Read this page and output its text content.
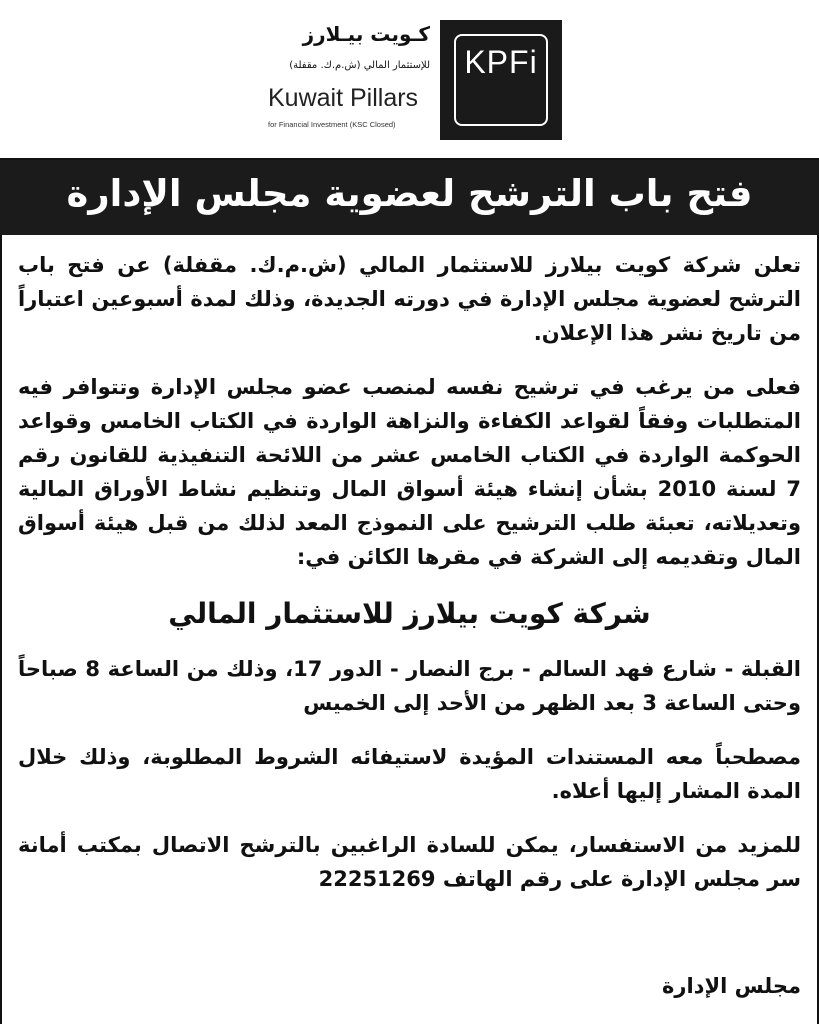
كـويت بيـلارز
للإستثمار المالي (ش.م.ك. مقفلة)
Kuwait Pillars
for Financial Investment (KSC Closed)
KPFi
فتح باب الترشح لعضوية مجلس الإدارة

تعلن شركة كويت بيلارز للاستثمار المالي (ش.م.ك. مقفلة) عن فتح باب الترشح لعضوية مجلس الإدارة في دورته الجديدة، وذلك لمدة أسبوعين اعتباراً من تاريخ نشر هذا الإعلان.

فعلى من يرغب في ترشيح نفسه لمنصب عضو مجلس الإدارة وتتوافر فيه المتطلبات وفقاً لقواعد الكفاءة والنزاهة الواردة في الكتاب الخامس وقواعد الحوكمة الواردة في الكتاب الخامس عشر من اللائحة التنفيذية للقانون رقم 7 لسنة 2010 بشأن إنشاء هيئة أسواق المال وتنظيم نشاط الأوراق المالية وتعديلاته، تعبئة طلب الترشيح على النموذج المعد لذلك من قبل هيئة أسواق المال وتقديمه إلى الشركة في مقرها الكائن في:

شركة كويت بيلارز للاستثمار المالي

القبلة - شارع فهد السالم - برج النصار - الدور 17، وذلك من الساعة 8 صباحاً وحتى الساعة 3 بعد الظهر من الأحد إلى الخميس

مصطحباً معه المستندات المؤيدة لاستيفائه الشروط المطلوبة، وذلك خلال المدة المشار إليها أعلاه.

للمزيد من الاستفسار، يمكن للسادة الراغبين بالترشح الاتصال بمكتب أمانة سر مجلس الإدارة على رقم الهاتف 22251269

مجلس الإدارة
